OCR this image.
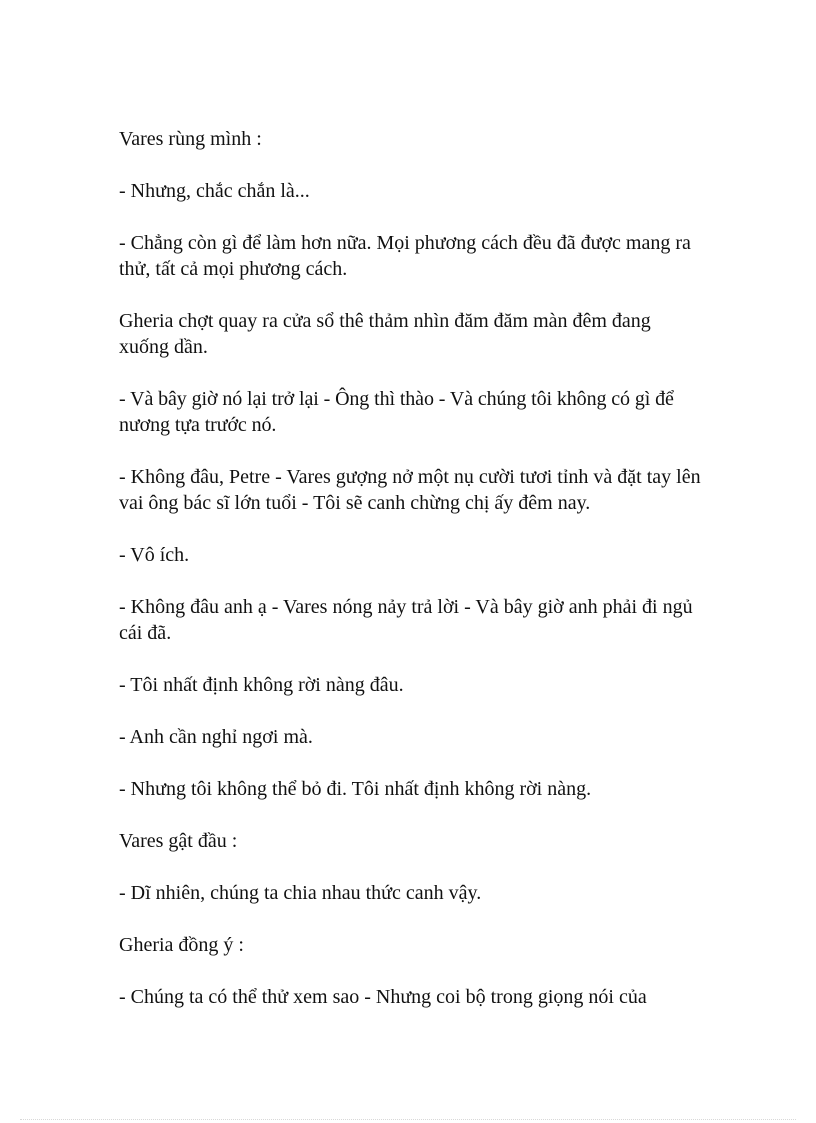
Vares rùng mình :

- Nhưng, chắc chắn là...

- Chẳng còn gì để làm hơn nữa. Mọi phương cách đều đã được mang ra thử, tất cả mọi phương cách.

Gheria chợt quay ra cửa sổ thê thảm nhìn đăm đăm màn đêm đang xuống dần.

- Và bây giờ nó lại trở lại - Ông thì thào - Và chúng tôi không có gì để nương tựa trước nó.

- Không đâu, Petre - Vares gượng nở một nụ cười tươi tỉnh và đặt tay lên vai ông bác sĩ lớn tuổi - Tôi sẽ canh chừng chị ấy đêm nay.

- Vô ích.

- Không đâu anh ạ - Vares nóng nảy trả lời - Và bây giờ anh phải đi ngủ cái đã.

- Tôi nhất định không rời nàng đâu.

- Anh cần nghỉ ngơi mà.

- Nhưng tôi không thể bỏ đi. Tôi nhất định không rời nàng.

Vares gật đầu :

- Dĩ nhiên, chúng ta chia nhau thức canh vậy.

Gheria đồng ý :

- Chúng ta có thể thử xem sao - Nhưng coi bộ trong giọng nói của
